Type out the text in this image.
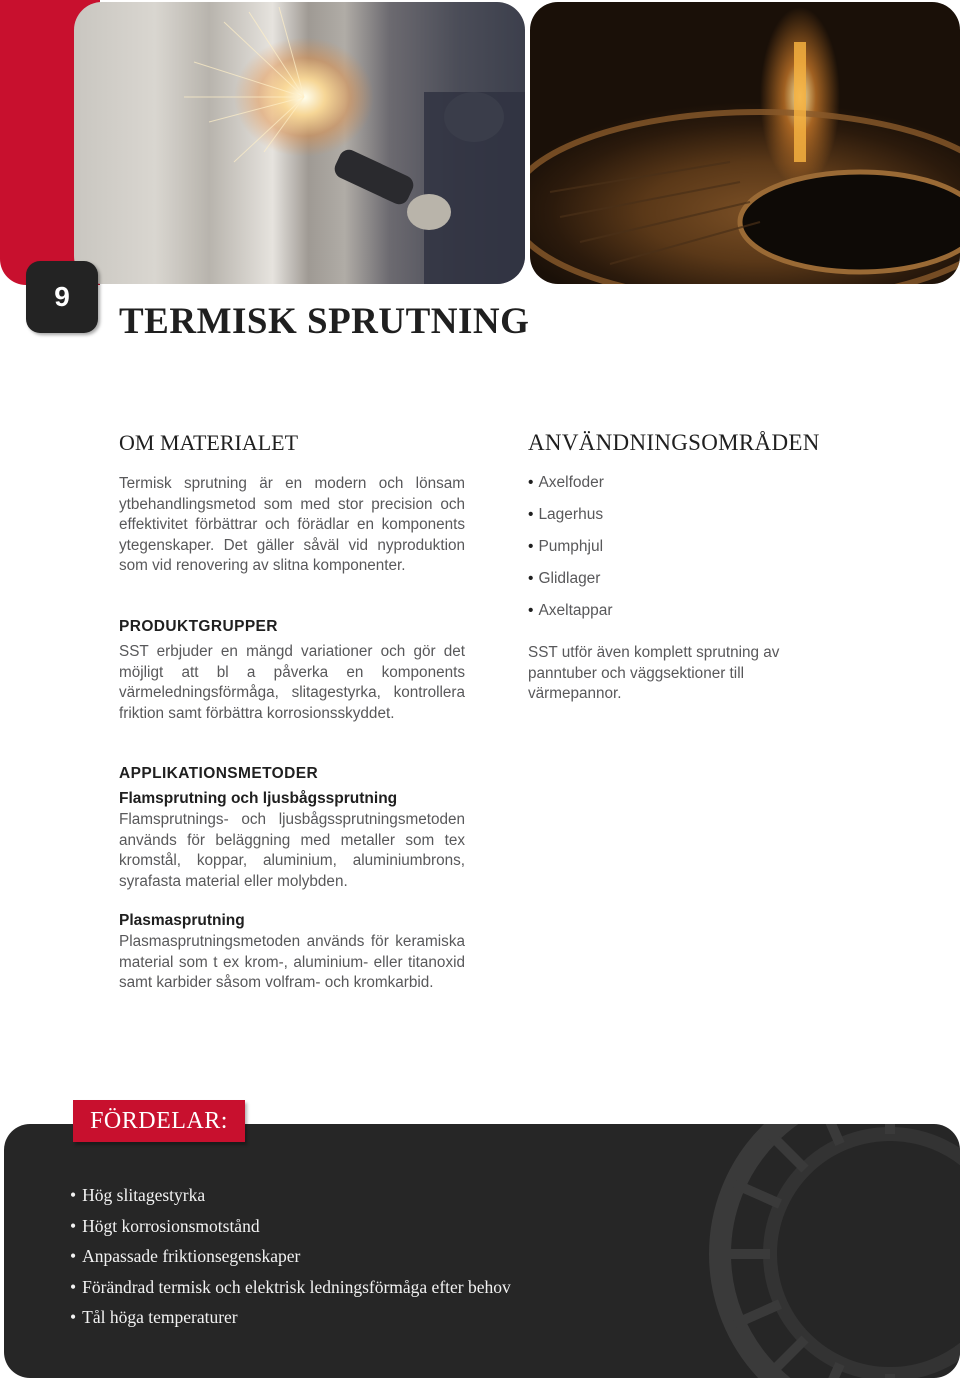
9
TERMISK SPRUTNING
OM MATERIALET

Termisk sprutning är en modern och lönsam ytbehandlingsmetod som med stor precision och effektivitet förbättrar och förädlar en komponents ytegenskaper. Det gäller såväl vid nyproduktion som vid renovering av slitna komponenter.

PRODUKTGRUPPER

SST erbjuder en mängd variationer och gör det möjligt att bl a påverka en komponents värmeledningsförmåga, slitagestyrka, kontrollera friktion samt förbättra korrosionsskyddet.

ANVÄNDNINGSOMRÅDEN
• Axelfoder
• Lagerhus
• Pumphjul
• Glidlager
• Axeltappar

SST utför även komplett sprutning av panntuber och väggsektioner till värmepannor.

APPLIKATIONSMETODER
Flamsprutning och ljusbågssprutning

Flamsprutnings- och ljusbågssprutningsmetoden används för beläggning med metaller som tex kromstål, koppar, aluminium, aluminiumbrons, syrafasta material eller molybden.

Plasmasprutning

Plasmasprutningsmetoden används för keramiska material som t ex krom-, aluminium- eller titanoxid samt karbider såsom volfram- och kromkarbid.

FÖRDELAR:
• Hög slitagestyrka
• Högt korrosionsmotstånd
• Anpassade friktionsegenskaper
• Förändrad termisk och elektrisk ledningsförmåga efter behov
• Tål höga temperaturer
